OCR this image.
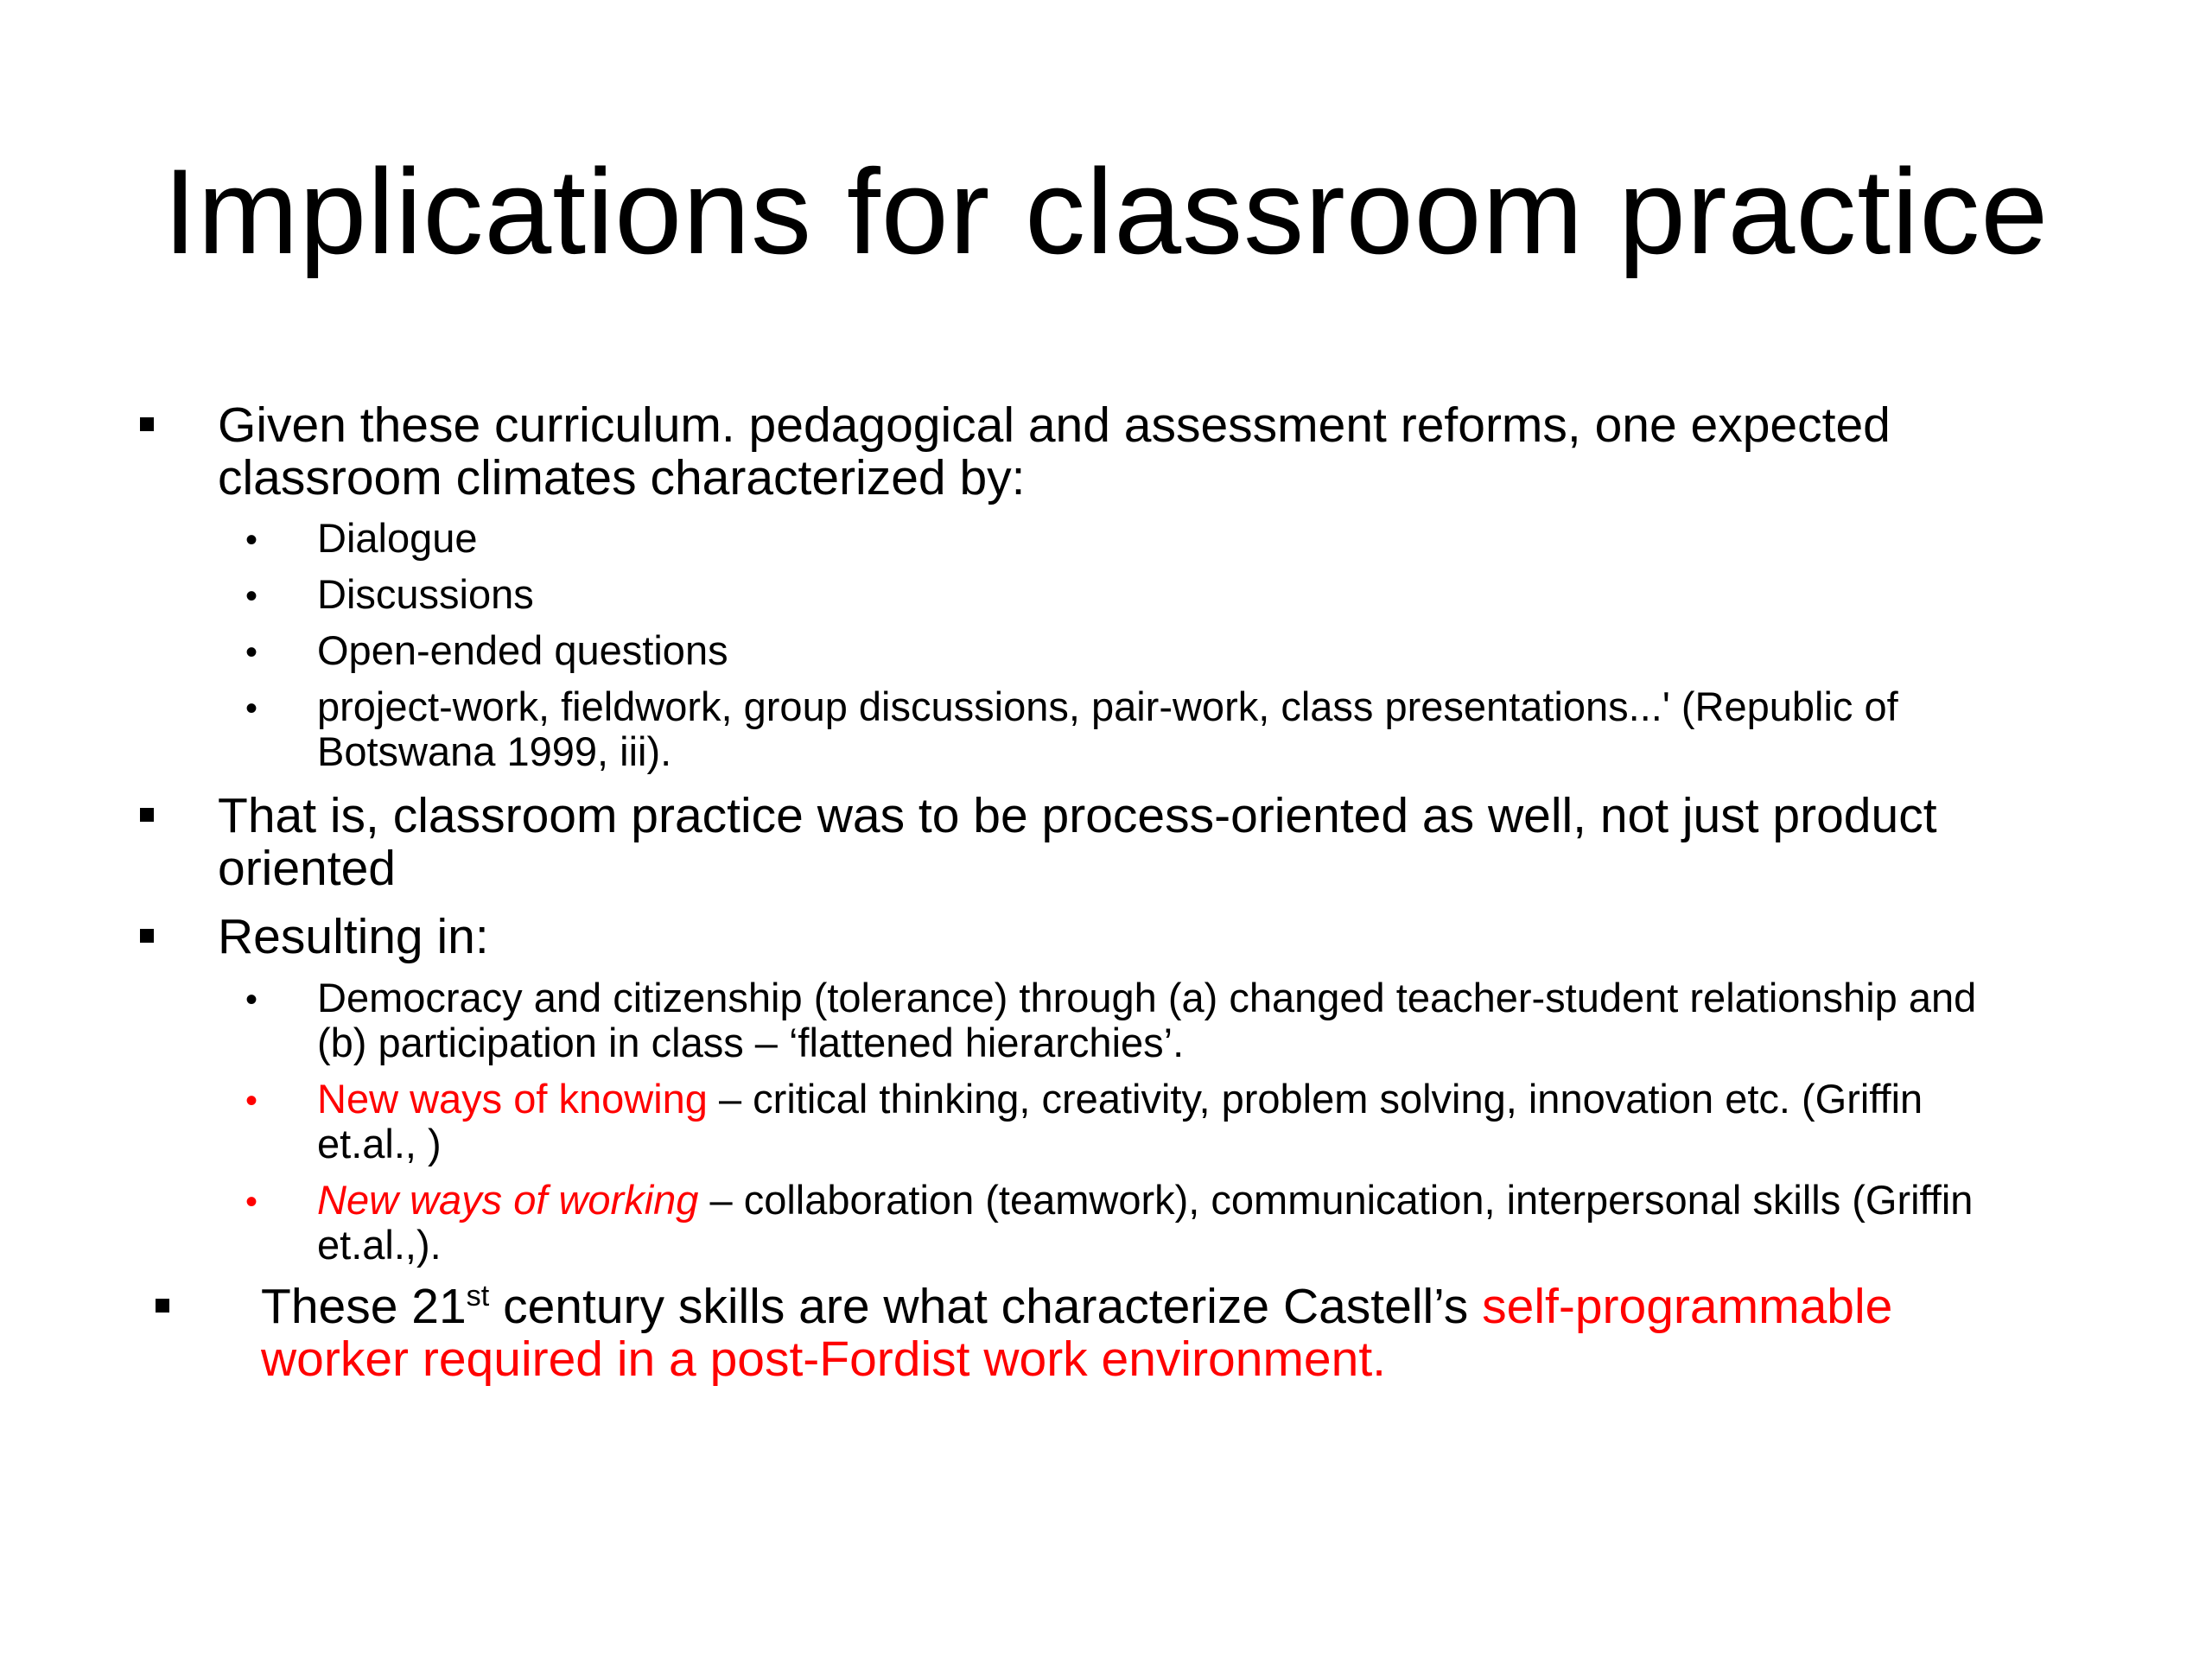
Implications for classroom practice
Given these curriculum. pedagogical and assessment reforms, one expected
classroom climates characterized by:
• Dialogue
• Discussions
• Open-ended questions
• project-work, fieldwork, group discussions, pair-work, class presentations...' (Republic of
Botswana 1999, iii).
That is, classroom practice was to be process-oriented as well, not just product
oriented
Resulting in:
• Democracy and citizenship (tolerance) through (a) changed teacher-student relationship and
(b) participation in class – ‘flattened hierarchies’.
• New ways of knowing – critical thinking, creativity, problem solving, innovation etc. (Griffin
et.al., )
• New ways of working – collaboration (teamwork), communication, interpersonal skills (Griffin
et.al.,).
These 21st century skills are what characterize Castell’s self-programmable
worker required in a post-Fordist work environment.
